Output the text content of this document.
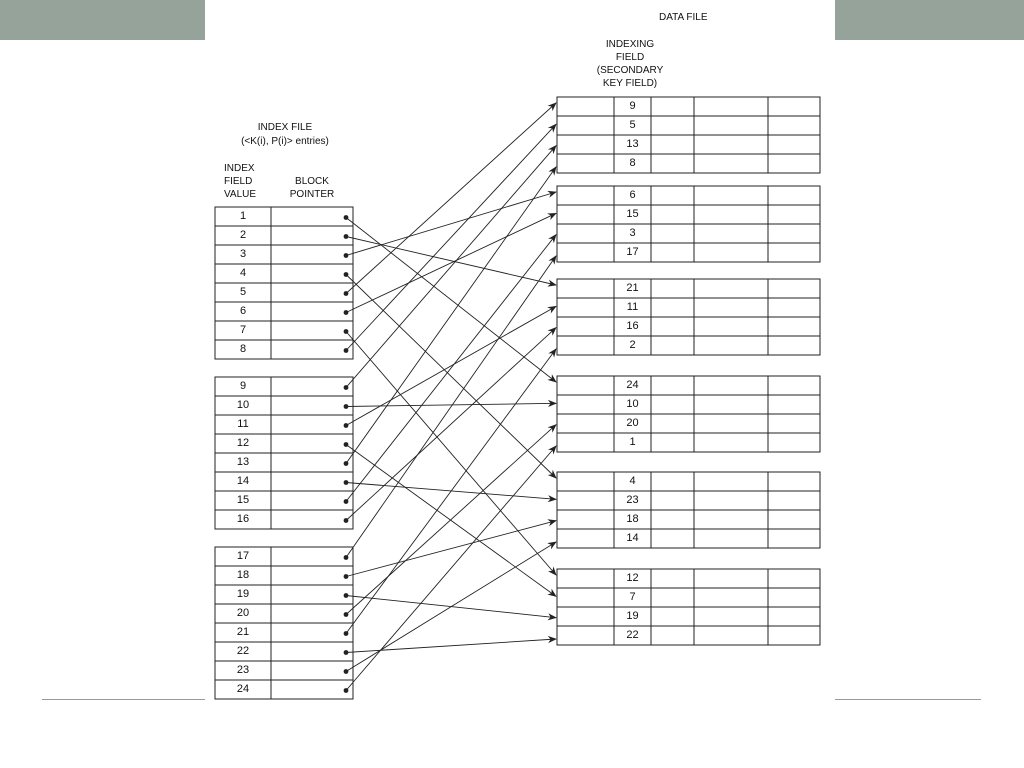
DATA FILE
INDEXING
FIELD
(SECONDARY
KEY FIELD)
INDEX FILE
(<K(i), P(i)> entries)
INDEX
FIELD
VALUE
BLOCK
POINTER
1
2
3
4
5
6
7
8
9
10
11
12
13
14
15
16
17
18
19
20
21
22
23
24
9
5
13
8
6
15
3
17
21
11
16
2
24
10
20
1
4
23
18
14
12
7
19
22
